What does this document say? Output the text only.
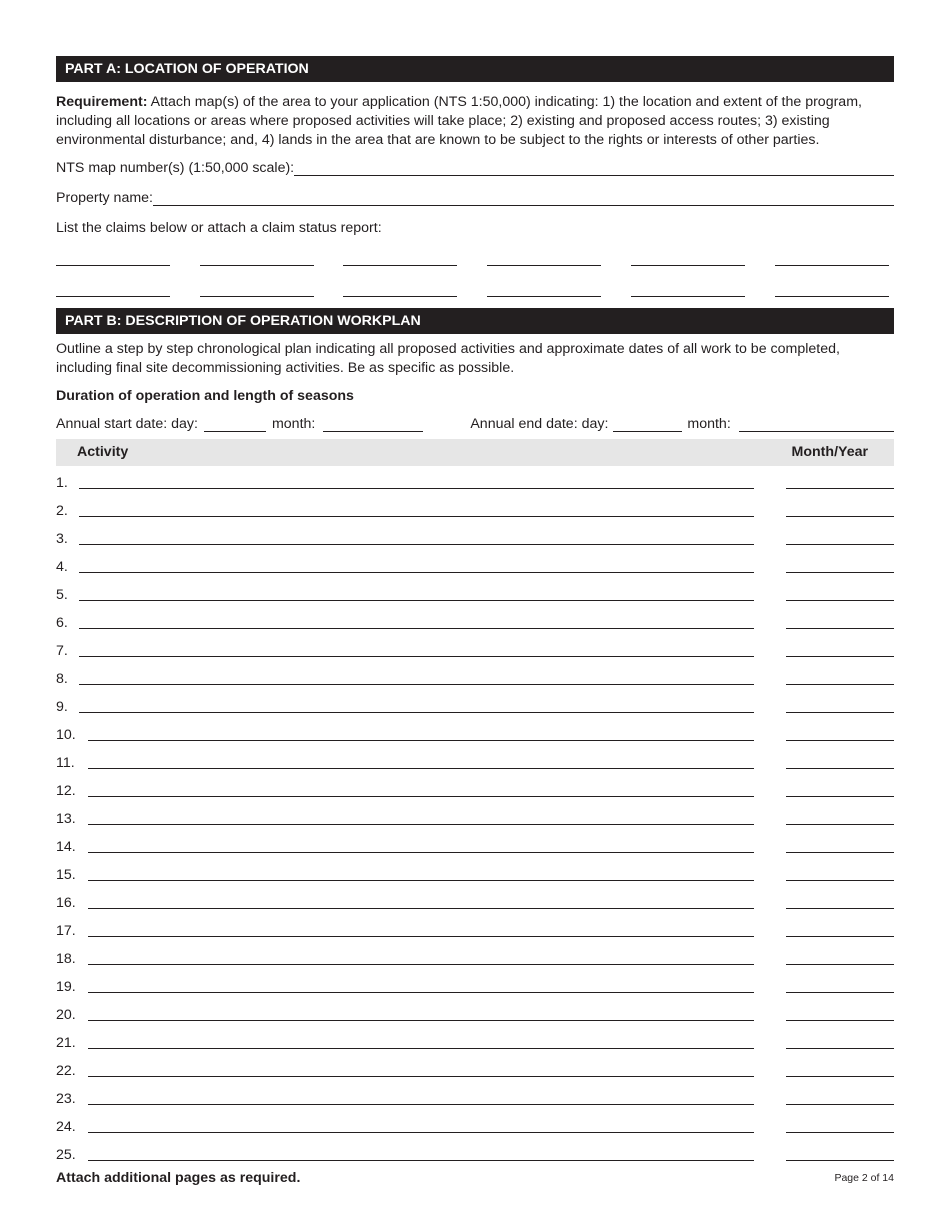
PART A: LOCATION OF OPERATION
Requirement: Attach map(s) of the area to your application (NTS 1:50,000) indicating: 1) the location and extent of the program, including all locations or areas where proposed activities will take place; 2) existing and proposed access routes; 3) existing environmental disturbance; and, 4) lands in the area that are known to be subject to the rights or interests of other parties.
NTS map number(s) (1:50,000 scale):
Property name:
List the claims below or attach a claim status report:
PART B: DESCRIPTION OF OPERATION WORKPLAN
Outline a step by step chronological plan indicating all proposed activities and approximate dates of all work to be completed, including final site decommissioning activities. Be as specific as possible.
Duration of operation and length of seasons
Annual start date: day:	month:	Annual end date: day:	month:
Activity	Month/Year
1.
2.
3.
4.
5.
6.
7.
8.
9.
10.
11.
12.
13.
14.
15.
16.
17.
18.
19.
20.
21.
22.
23.
24.
25.
Attach additional pages as required.	Page 2 of 14
